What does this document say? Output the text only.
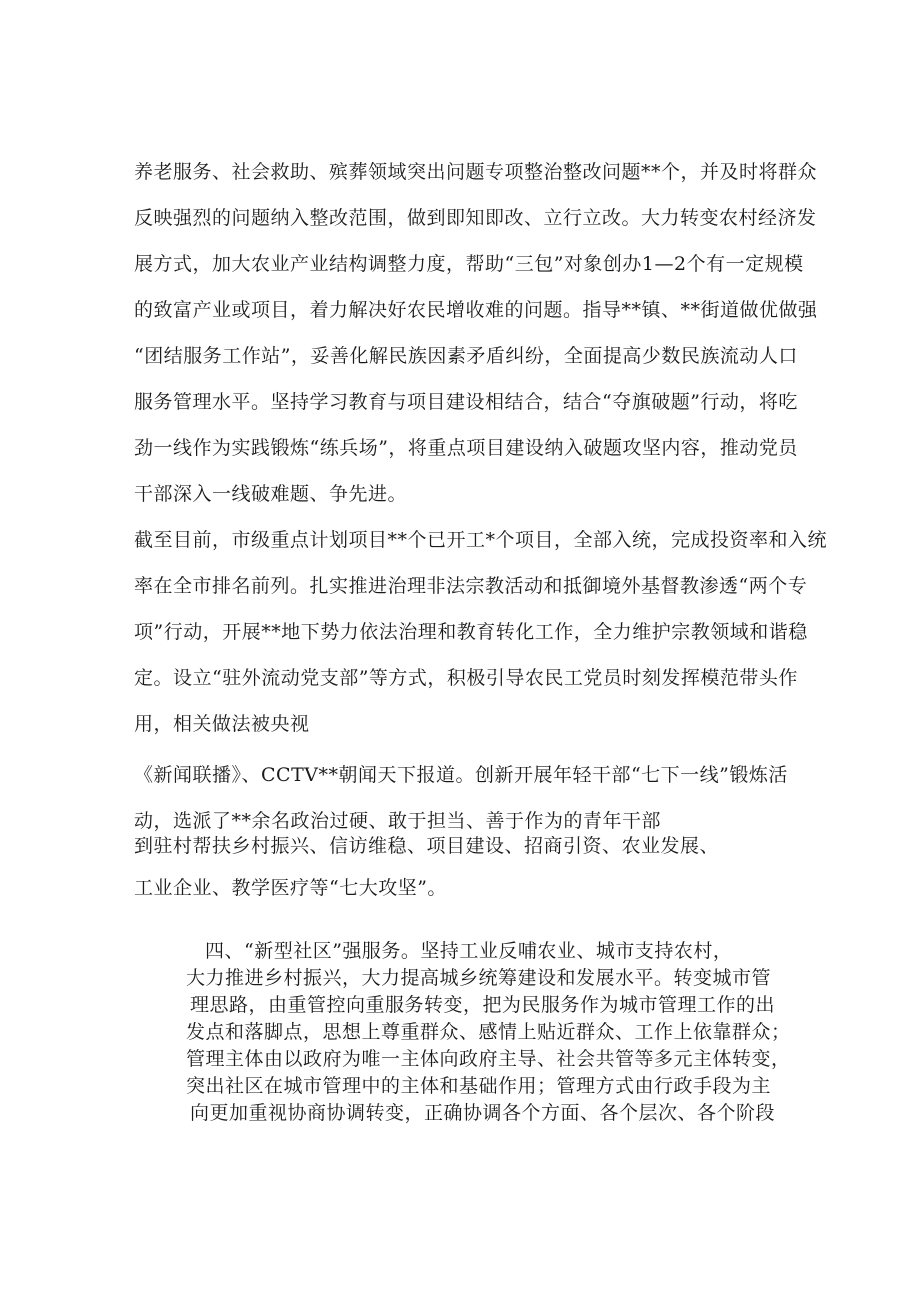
养老服务、社会救助、殡葬领域突出问题专项整治整改问题**个，并及时将群众
反映强烈的问题纳入整改范围，做到即知即改、立行立改。大力转变农村经济发
展方式，加大农业产业结构调整力度，帮助“三包”对象创办1—2个有一定规模
的致富产业或项目，着力解决好农民增收难的问题。指导**镇、**街道做优做强
“团结服务工作站”，妥善化解民族因素矛盾纠纷，全面提高少数民族流动人口
服务管理水平。坚持学习教育与项目建设相结合，结合“夺旗破题”行动，将吃
劲一线作为实践锻炼“练兵场”，将重点项目建设纳入破题攻坚内容，推动党员
干部深入一线破难题、争先进。
截至目前，市级重点计划项目**个已开工*个项目，全部入统，完成投资率和入统
率在全市排名前列。扎实推进治理非法宗教活动和抵御境外基督教渗透“两个专
项”行动，开展**地下势力依法治理和教育转化工作，全力维护宗教领域和谐稳
定。设立“驻外流动党支部”等方式，积极引导农民工党员时刻发挥模范带头作
用，相关做法被央视
《新闻联播》、CCTV**朝闻天下报道。创新开展年轻干部“七下一线”锻炼活
动，选派了**余名政治过硬、敢于担当、善于作为的青年干部
到驻村帮扶乡村振兴、信访维稳、项目建设、招商引资、农业发展、
工业企业、教学医疗等“七大攻坚”。
四、“新型社区”强服务。坚持工业反哺农业、城市支持农村，
大力推进乡村振兴，大力提高城乡统筹建设和发展水平。转变城市管
理思路，由重管控向重服务转变，把为民服务作为城市管理工作的出
发点和落脚点，思想上尊重群众、感情上贴近群众、工作上依靠群众；
管理主体由以政府为唯一主体向政府主导、社会共管等多元主体转变，
突出社区在城市管理中的主体和基础作用；管理方式由行政手段为主
向更加重视协商协调转变，正确协调各个方面、各个层次、各个阶段
